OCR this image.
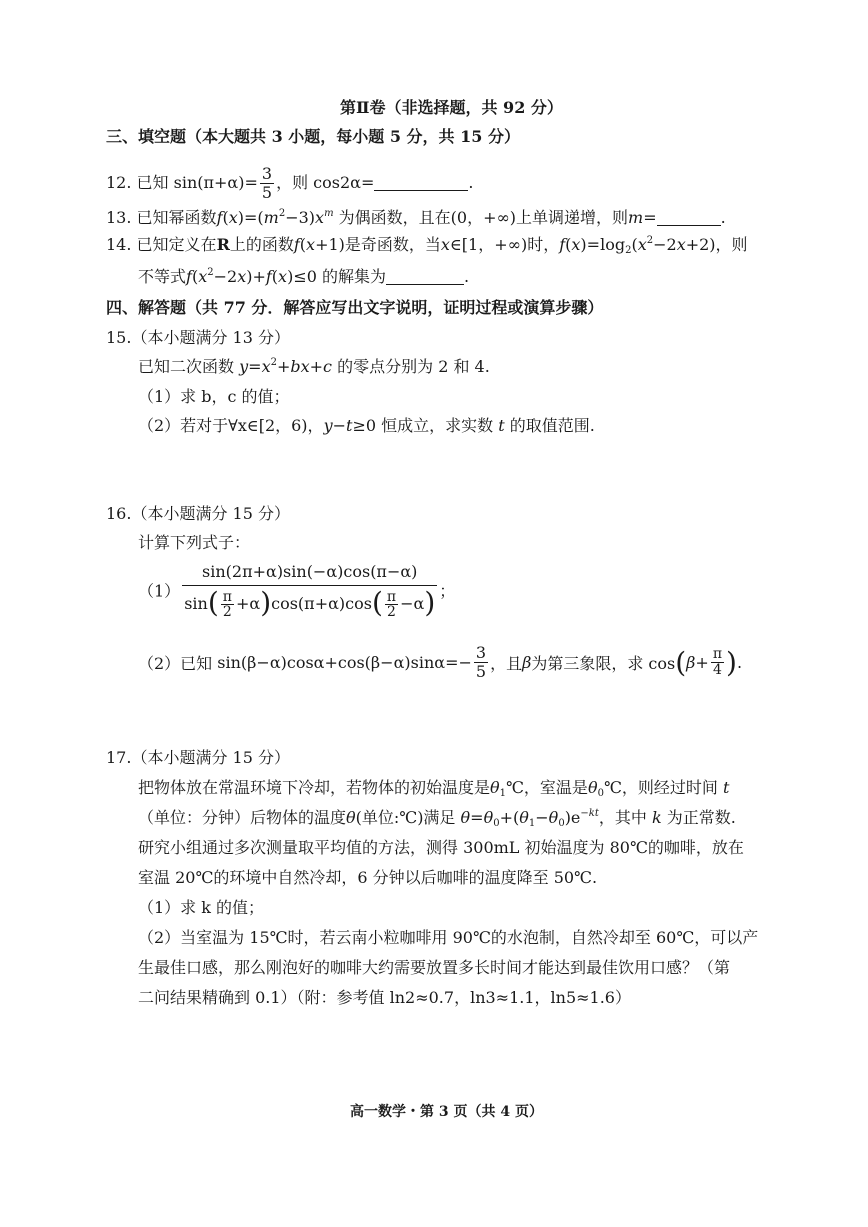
第Ⅱ卷（非选择题，共 92 分）
三、填空题（本大题共 3 小题，每小题 5 分，共 15 分）
12. 已知 $\sin(\pi+\alpha)= \frac{3}{5}$ ，则 cos2α=	.
13. 已知幂函数$f(x)=(m^2-3)x^m$ 为偶函数，且在(0，+∞)上单调递增，则m=	.
14. 已知定义在R上的函数f(x+1)是奇函数，当x∈[1，+∞)时，$f(x)=\log_2(x^2-2x+2)$，则
不等式$f(x^2-2x)+f(x)\le 0$ 的解集为	.
四、解答题（共 77 分．解答应写出文字说明，证明过程或演算步骤）
15.（本小题满分 13 分）
已知二次函数 $y=x^2+bx+c$ 的零点分别为 2 和 4.
（1）求 b，c 的值；
（2）若对于∀x∈[2，6)，y−t≥0 恒成立，求实数 t 的取值范围.
16.（本小题满分 15 分）
计算下列式子：
$(1) \frac{\sin(2\pi+\alpha)\sin(-\alpha)\cos(\pi-\alpha)}{\sin( \frac{\pi}{2} +\alpha)\cos(\pi+\alpha)\cos( \frac{\pi}{2} -\alpha)}$ ；
（2）已知 $\sin(\beta-\alpha)\cos\alpha+\cos(\beta-\alpha)\sin\alpha=- \frac{3}{5}$ ，且β为第三象限，求 $\cos(\beta+ \frac{\pi}{4}$ ).
17.（本小题满分 15 分）
把物体放在常温环境下冷却，若物体的初始温度是$\theta_1℃$，室温是$\theta_0℃$，则经过时间 t
（单位：分钟）后物体的温度θ(单位:℃)满足 $\theta=\theta_0+(\theta_1-\theta_0)e^{-kt}$，其中 k 为正常数.
研究小组通过多次测量取平均值的方法，测得 300mL 初始温度为 80℃的咖啡，放在
室温 20℃的环境中自然冷却，6 分钟以后咖啡的温度降至 50℃.
（1）求 k 的值；
（2）当室温为 15℃时，若云南小粒咖啡用 90℃的水泡制，自然冷却至 60℃，可以产
生最佳口感，那么刚泡好的咖啡大约需要放置多长时间才能达到最佳饮用口感？（第
二问结果精确到 0.1）（附：参考值 ln2≈0.7，ln3≈1.1，ln5≈1.6）
高一数学・第 3 页（共 4 页）
